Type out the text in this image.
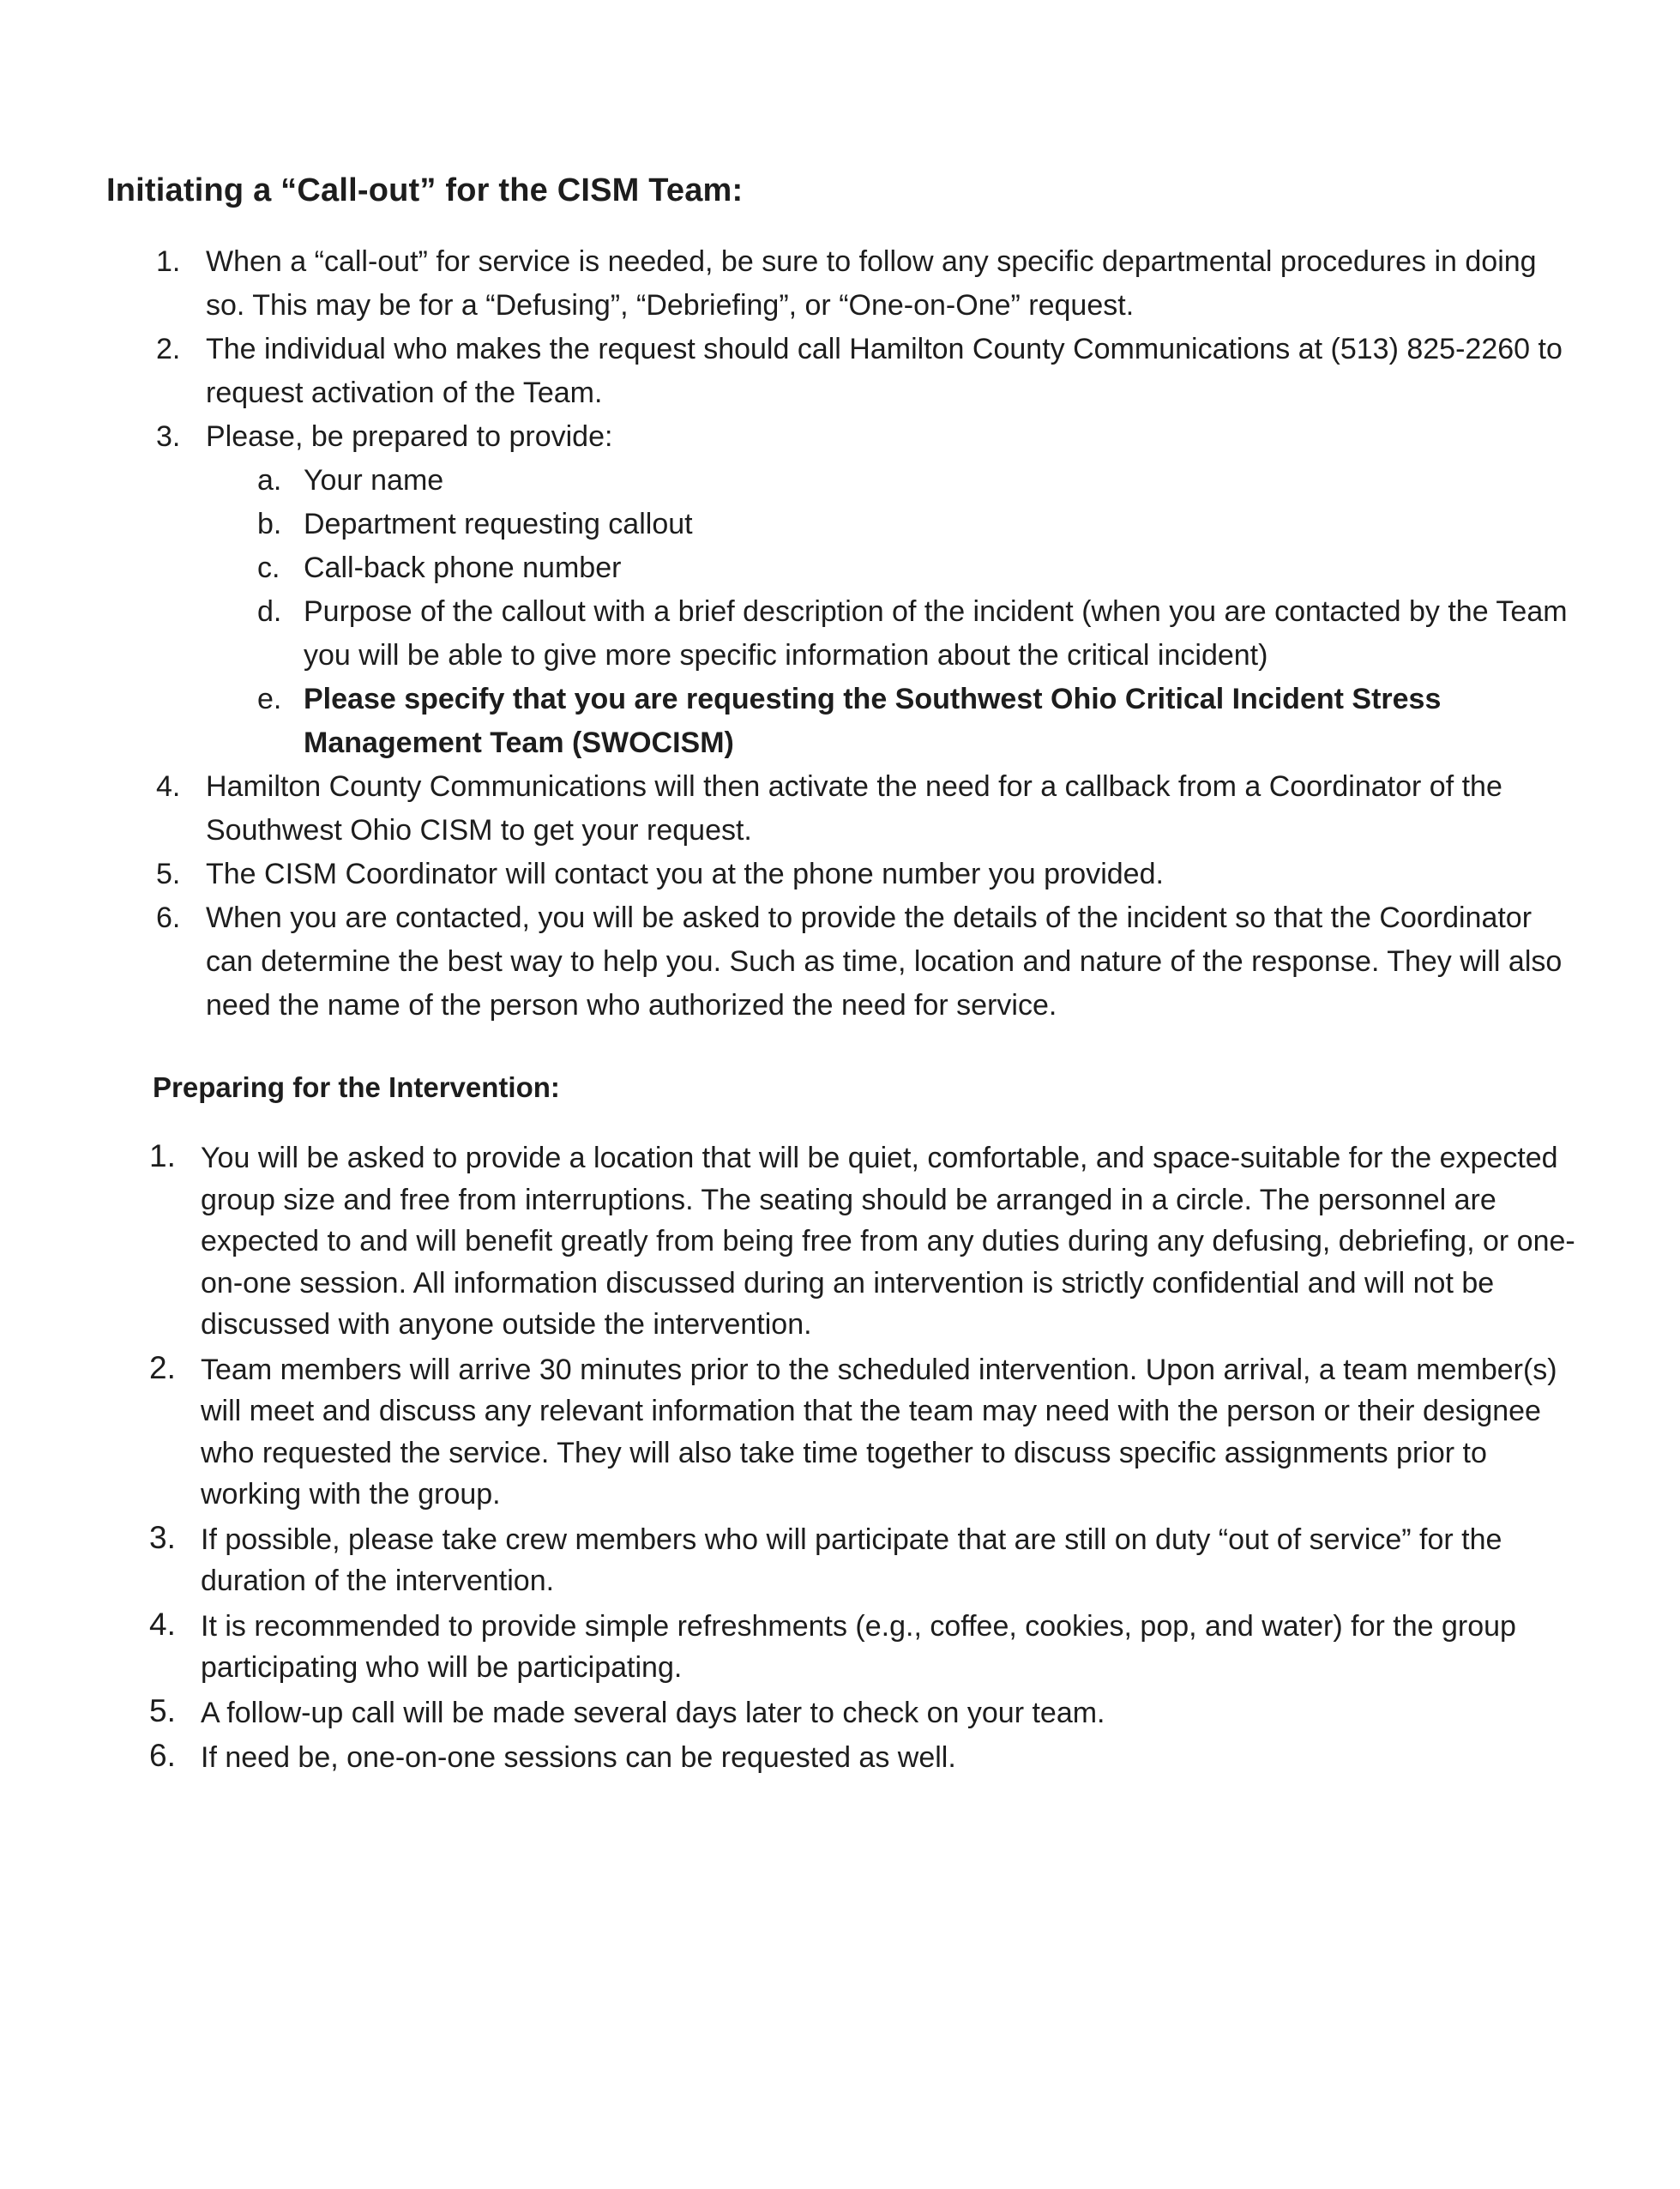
Initiating a “Call-out” for the CISM Team:
1. When a “call-out” for service is needed, be sure to follow any specific departmental procedures in doing so. This may be for a “Defusing”, “Debriefing”, or “One-on-One” request.
2. The individual who makes the request should call Hamilton County Communications at (513) 825-2260 to request activation of the Team.
3. Please, be prepared to provide:
a. Your name
b. Department requesting callout
c. Call-back phone number
d. Purpose of the callout with a brief description of the incident (when you are contacted by the Team you will be able to give more specific information about the critical incident)
e. Please specify that you are requesting the Southwest Ohio Critical Incident Stress Management Team (SWOCISM)
4. Hamilton County Communications will then activate the need for a callback from a Coordinator of the Southwest Ohio CISM to get your request.
5. The CISM Coordinator will contact you at the phone number you provided.
6. When you are contacted, you will be asked to provide the details of the incident so that the Coordinator can determine the best way to help you. Such as time, location and nature of the response. They will also need the name of the person who authorized the need for service.
Preparing for the Intervention:
1. You will be asked to provide a location that will be quiet, comfortable, and space-suitable for the expected group size and free from interruptions. The seating should be arranged in a circle. The personnel are expected to and will benefit greatly from being free from any duties during any defusing, debriefing, or one-on-one session. All information discussed during an intervention is strictly confidential and will not be discussed with anyone outside the intervention.
2. Team members will arrive 30 minutes prior to the scheduled intervention. Upon arrival, a team member(s) will meet and discuss any relevant information that the team may need with the person or their designee who requested the service. They will also take time together to discuss specific assignments prior to working with the group.
3. If possible, please take crew members who will participate that are still on duty “out of service” for the duration of the intervention.
4. It is recommended to provide simple refreshments (e.g., coffee, cookies, pop, and water) for the group participating who will be participating.
5. A follow-up call will be made several days later to check on your team.
6. If need be, one-on-one sessions can be requested as well.
